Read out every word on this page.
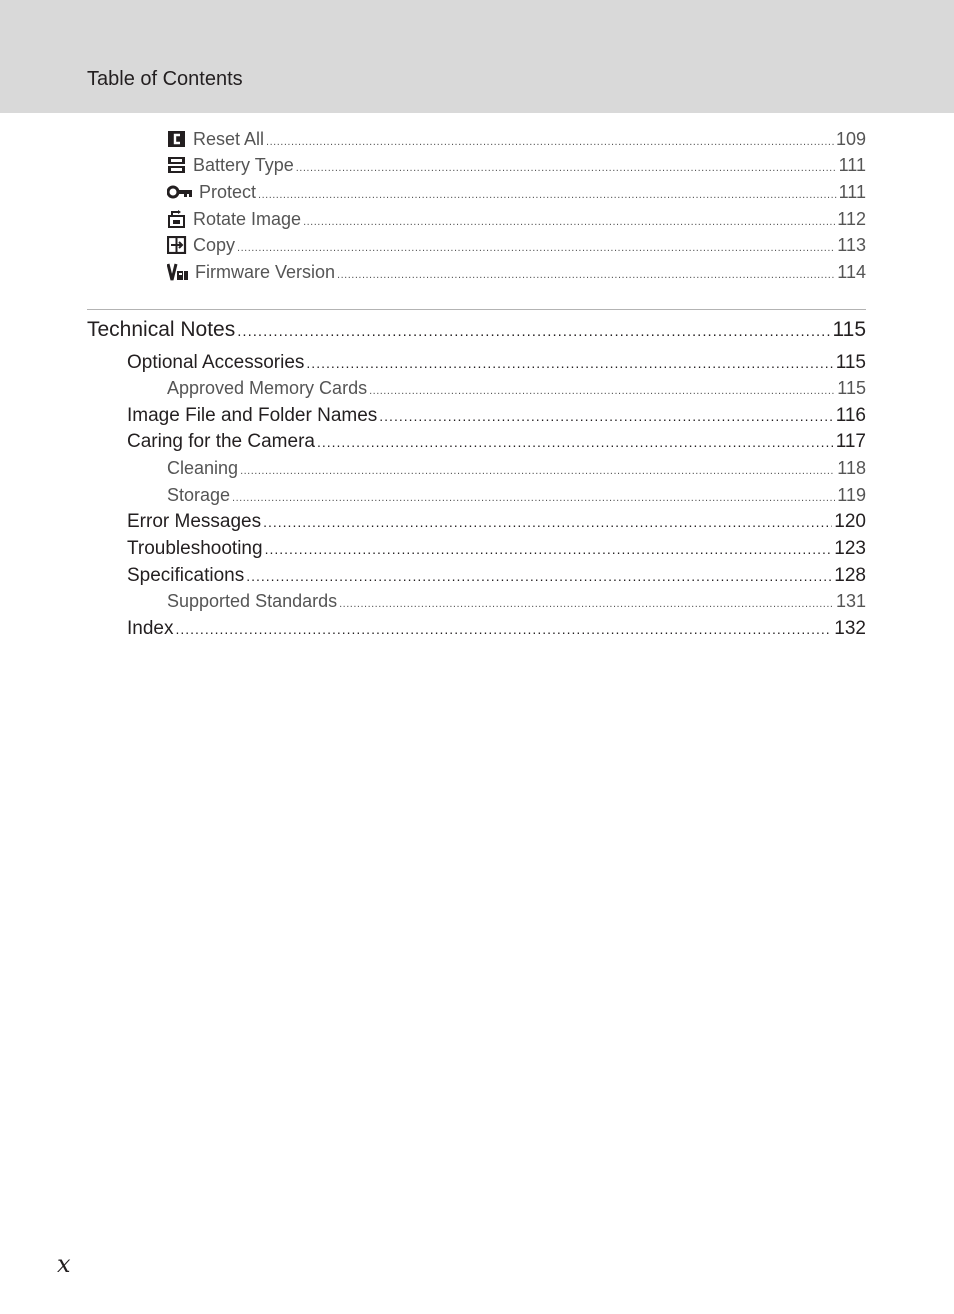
Table of Contents
Reset All .....	109
Battery Type .....	111
Protect .....	111
Rotate Image .....	112
Copy .....	113
Firmware Version .....	114
Technical Notes .....	115
Optional Accessories .....	115
Approved Memory Cards .....	115
Image File and Folder Names .....	116
Caring for the Camera .....	117
Cleaning .....	118
Storage .....	119
Error Messages .....	120
Troubleshooting .....	123
Specifications .....	128
Supported Standards .....	131
Index .....	132
x
